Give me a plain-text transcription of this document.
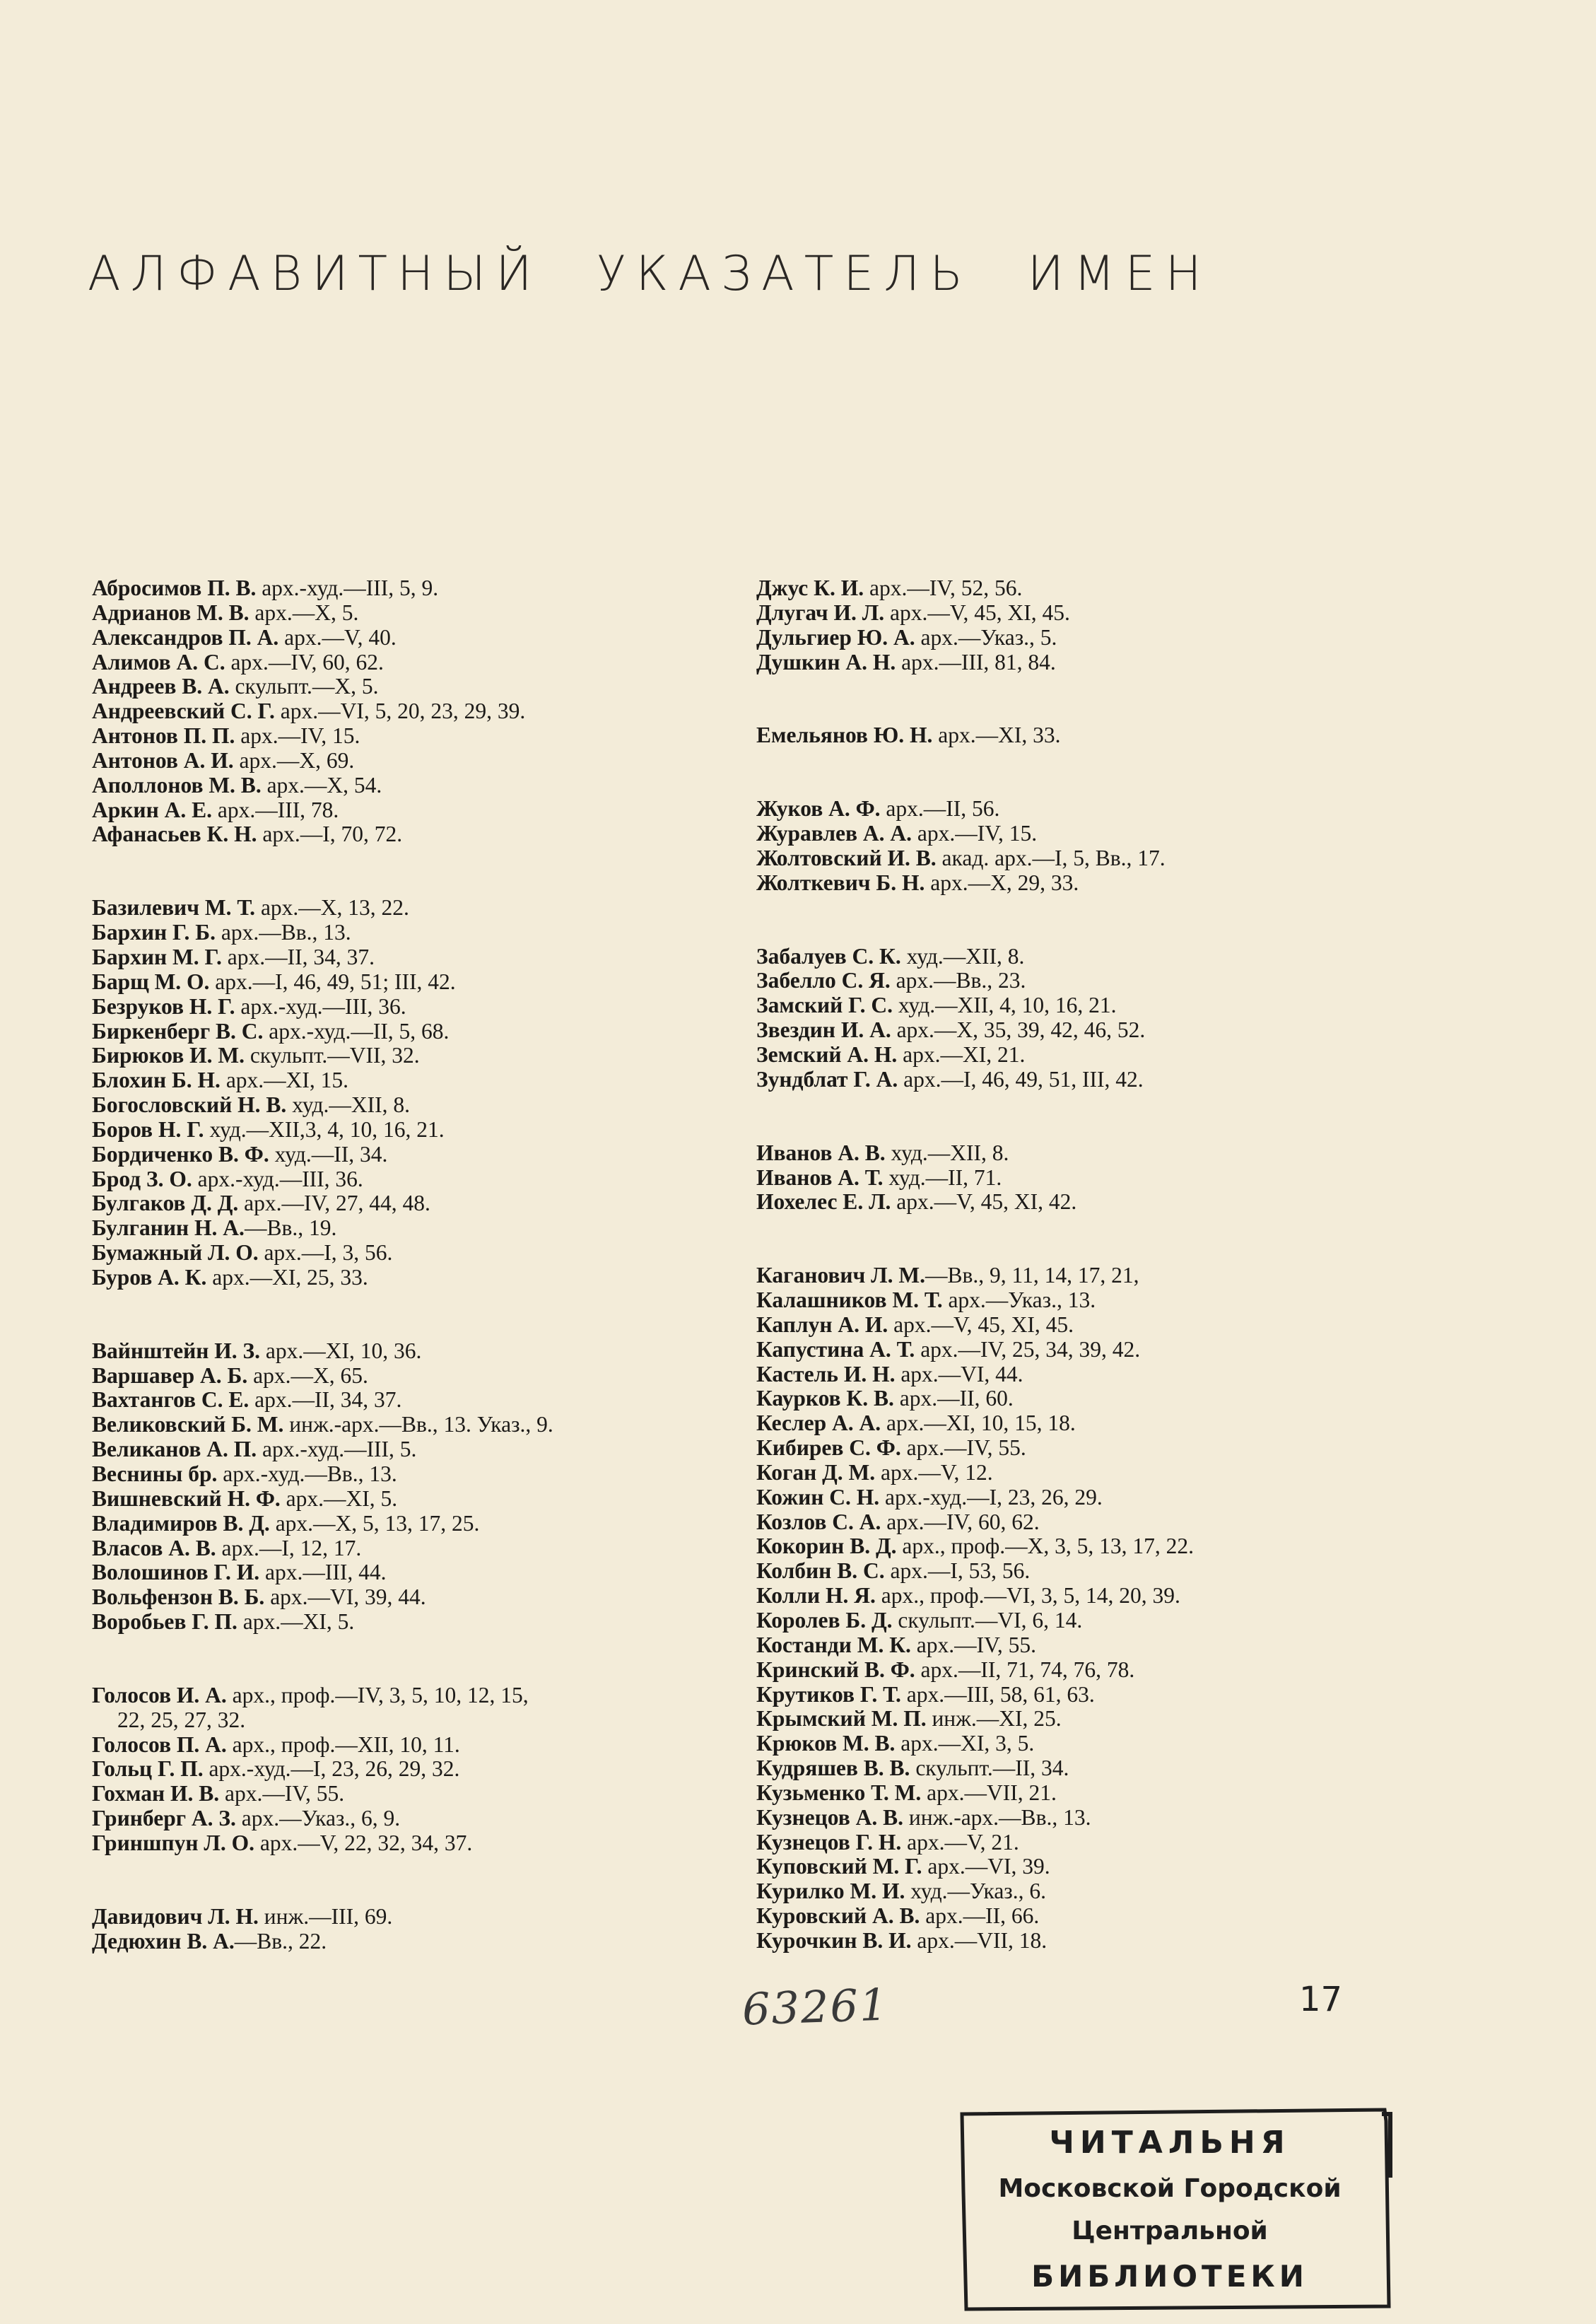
АЛФАВИТНЫЙ УКАЗАТЕЛЬ ИМЕН
Абросимов П. В. арх.-худ.—III, 5, 9.
Адрианов М. В. арх.—X, 5.
Александров П. А. арх.—V, 40.
Алимов А. С. арх.—IV, 60, 62.
Андреев В. А. скульпт.—X, 5.
Андреевский С. Г. арх.—VI, 5, 20, 23, 29, 39.
Антонов П. П. арх.—IV, 15.
Антонов А. И. арх.—X, 69.
Аполлонов М. В. арх.—X, 54.
Аркин А. Е. арх.—III, 78.
Афанасьев К. Н. арх.—I, 70, 72.
Базилевич М. Т. арх.—X, 13, 22.
Бархин Г. Б. арх.—Вв., 13.
Бархин М. Г. арх.—II, 34, 37.
Барщ М. О. арх.—I, 46, 49, 51; III, 42.
Безруков Н. Г. арх.-худ.—III, 36.
Биркенберг В. С. арх.-худ.—II, 5, 68.
Бирюков И. М. скульпт.—VII, 32.
Блохин Б. Н. арх.—XI, 15.
Богословский Н. В. худ.—XII, 8.
Боров Н. Г. худ.—XII,3, 4, 10, 16, 21.
Бордиченко В. Ф. худ.—II, 34.
Брод З. О. арх.-худ.—III, 36.
Булгаков Д. Д. арх.—IV, 27, 44, 48.
Булганин Н. А.—Вв., 19.
Бумажный Л. О. арх.—I, 3, 56.
Буров А. К. арх.—XI, 25, 33.
Вайнштейн И. З. арх.—XI, 10, 36.
Варшавер А. Б. арх.—X, 65.
Вахтангов С. Е. арх.—II, 34, 37.
Великовский Б. М. инж.-арх.—Вв., 13. Указ., 9.
Великанов А. П. арх.-худ.—III, 5.
Веснины бр. арх.-худ.—Вв., 13.
Вишневский Н. Ф. арх.—XI, 5.
Владимиров В. Д. арх.—X, 5, 13, 17, 25.
Власов А. В. арх.—I, 12, 17.
Волошинов Г. И. арх.—III, 44.
Вольфензон В. Б. арх.—VI, 39, 44.
Воробьев Г. П. арх.—XI, 5.
Голосов И. А. арх., проф.—IV, 3, 5, 10, 12, 15,
22, 25, 27, 32.
Голосов П. А. арх., проф.—XII, 10, 11.
Гольц Г. П. арх.-худ.—I, 23, 26, 29, 32.
Гохман И. В. арх.—IV, 55.
Гринберг А. З. арх.—Указ., 6, 9.
Гриншпун Л. О. арх.—V, 22, 32, 34, 37.
Давидович Л. Н. инж.—III, 69.
Дедюхин В. А.—Вв., 22.
Джус К. И. арх.—IV, 52, 56.
Длугач И. Л. арх.—V, 45, XI, 45.
Дульгиер Ю. А. арх.—Указ., 5.
Душкин А. Н. арх.—III, 81, 84.
Емельянов Ю. Н. арх.—XI, 33.
Жуков А. Ф. арх.—II, 56.
Журавлев А. А. арх.—IV, 15.
Жолтовский И. В. акад. арх.—I, 5, Вв., 17.
Жолткевич Б. Н. арх.—X, 29, 33.
Забалуев С. К. худ.—XII, 8.
Забелло С. Я. арх.—Вв., 23.
Замский Г. С. худ.—XII, 4, 10, 16, 21.
Звездин И. А. арх.—X, 35, 39, 42, 46, 52.
Земский А. Н. арх.—XI, 21.
Зундблат Г. А. арх.—I, 46, 49, 51, III, 42.
Иванов А. В. худ.—XII, 8.
Иванов А. Т. худ.—II, 71.
Иохелес Е. Л. арх.—V, 45, XI, 42.
Каганович Л. М.—Вв., 9, 11, 14, 17, 21,
Калашников М. Т. арх.—Указ., 13.
Каплун А. И. арх.—V, 45, XI, 45.
Капустина А. Т. арх.—IV, 25, 34, 39, 42.
Кастель И. Н. арх.—VI, 44.
Каурков К. В. арх.—II, 60.
Кеслер А. А. арх.—XI, 10, 15, 18.
Кибирев С. Ф. арх.—IV, 55.
Коган Д. М. арх.—V, 12.
Кожин С. Н. арх.-худ.—I, 23, 26, 29.
Козлов С. А. арх.—IV, 60, 62.
Кокорин В. Д. арх., проф.—X, 3, 5, 13, 17, 22.
Колбин В. С. арх.—I, 53, 56.
Колли Н. Я. арх., проф.—VI, 3, 5, 14, 20, 39.
Королев Б. Д. скульпт.—VI, 6, 14.
Костанди М. К. арх.—IV, 55.
Кринский В. Ф. арх.—II, 71, 74, 76, 78.
Крутиков Г. Т. арх.—III, 58, 61, 63.
Крымский М. П. инж.—XI, 25.
Крюков М. В. арх.—XI, 3, 5.
Кудряшев В. В. скульпт.—II, 34.
Кузьменко Т. М. арх.—VII, 21.
Кузнецов А. В. инж.-арх.—Вв., 13.
Кузнецов Г. Н. арх.—V, 21.
Куповский М. Г. арх.—VI, 39.
Курилко М. И. худ.—Указ., 6.
Куровский А. В. арх.—II, 66.
Курочкин В. И. арх.—VII, 18.
63261	17
ЧИТАЛЬНЯ
Московской Городской
Центральной
БИБЛИОТЕКИ
